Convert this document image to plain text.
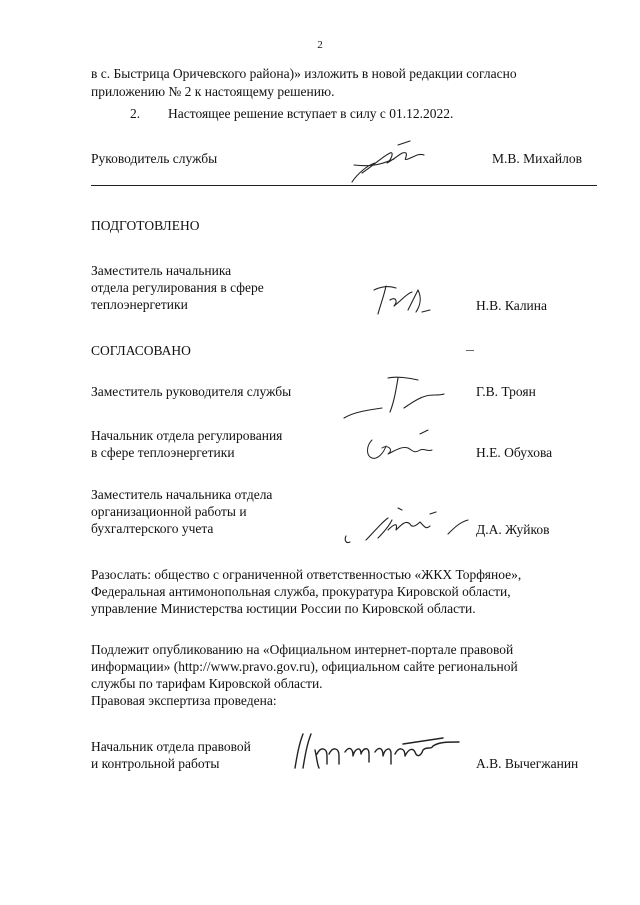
2
в с. Быстрица Оричевского района)» изложить в новой редакции согласно
приложению № 2 к настоящему решению.
2. Настоящее решение вступает в силу с 01.12.2022.
Руководитель службы	М.В. Михайлов
ПОДГОТОВЛЕНО
Заместитель начальника
отдела регулирования в сфере
теплоэнергетики	Н.В. Калина
СОГЛАСОВАНО
Заместитель руководителя службы	Г.В. Троян
Начальник отдела регулирования
в сфере теплоэнергетики	Н.Е. Обухова
Заместитель начальника отдела
организационной работы и
бухгалтерского учета	Д.А. Жуйков
Разослать: общество с ограниченной ответственностью «ЖКХ Торфяное»,
Федеральная антимонопольная служба, прокуратура Кировской области,
управление Министерства юстиции России по Кировской области.
Подлежит опубликованию на «Официальном интернет-портале правовой
информации» (http://www.pravo.gov.ru), официальном сайте региональной
службы по тарифам Кировской области.
Правовая экспертиза проведена:
Начальник отдела правовой
и контрольной работы	А.В. Вычегжанин
